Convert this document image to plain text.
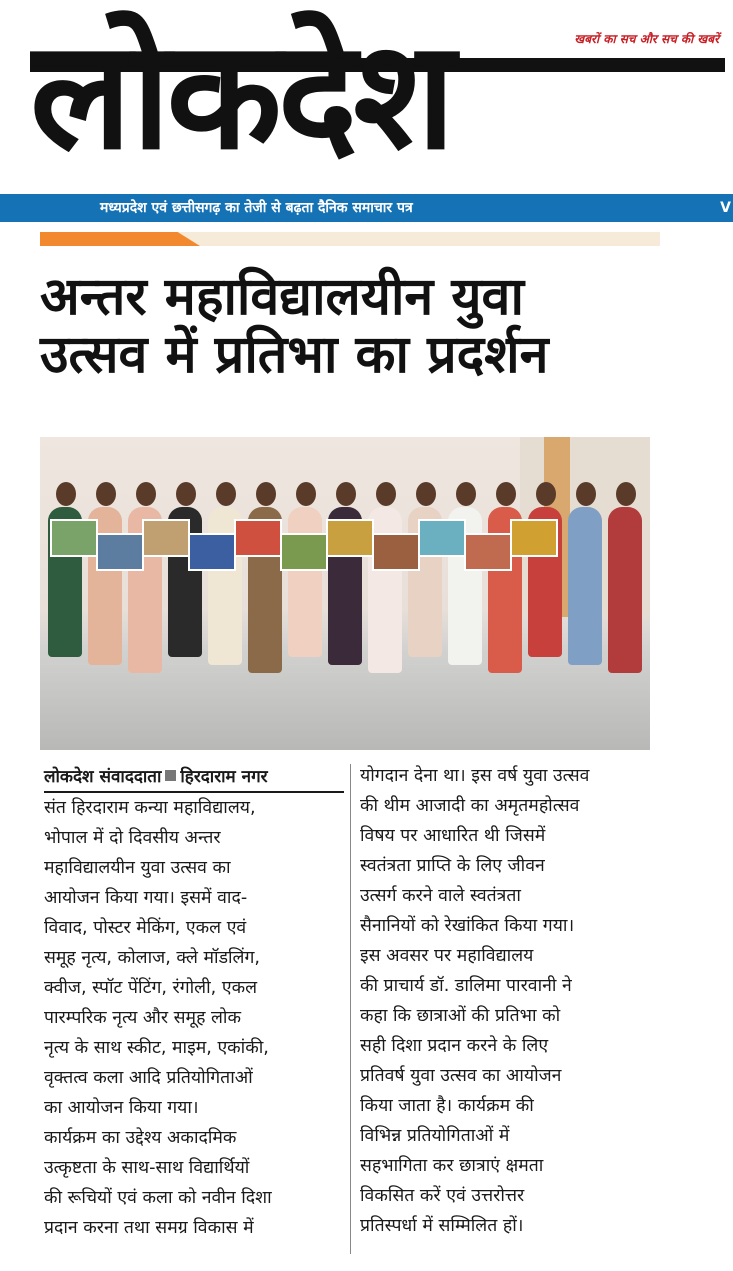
लोकदेश	खबरों का सच और सच की खबरें
मध्यप्रदेश एवं छत्तीसगढ़ का तेजी से बढ़ता दैनिक समाचार पत्र	V
अन्तर महाविद्यालयीन युवा
उत्सव में प्रतिभा का प्रदर्शन
लोकदेश संवाददाता हिरदाराम नगर
संत हिरदाराम कन्या महाविद्यालय,
भोपाल में दो दिवसीय अन्तर
महाविद्यालयीन युवा उत्सव का
आयोजन किया गया। इसमें वाद-
विवाद, पोस्टर मेकिंग, एकल एवं
समूह नृत्य, कोलाज, क्ले मॉडलिंग,
क्वीज, स्पॉट पेंटिंग, रंगोली, एकल
पारम्परिक नृत्य और समूह लोक
नृत्य के साथ स्कीट, माइम, एकांकी,
वृक्तत्व कला आदि प्रतियोगिताओं
का आयोजन किया गया।
कार्यक्रम का उद्देश्य अकादमिक
उत्कृष्टता के साथ-साथ विद्यार्थियों
की रूचियों एवं कला को नवीन दिशा
प्रदान करना तथा समग्र विकास में
योगदान देना था। इस वर्ष युवा उत्सव
की थीम आजादी का अमृतमहोत्सव
विषय पर आधारित थी जिसमें
स्वतंत्रता प्राप्ति के लिए जीवन
उत्सर्ग करने वाले स्वतंत्रता
सैनानियों को रेखांकित किया गया।
इस अवसर पर महाविद्यालय
की प्राचार्य डॉ. डालिमा पारवानी ने
कहा कि छात्राओं की प्रतिभा को
सही दिशा प्रदान करने के लिए
प्रतिवर्ष युवा उत्सव का आयोजन
किया जाता है। कार्यक्रम की
विभिन्न प्रतियोगिताओं में
सहभागिता कर छात्राएं क्षमता
विकसित करें एवं उत्तरोत्तर
प्रतिस्पर्धा में सम्मिलित हों।
